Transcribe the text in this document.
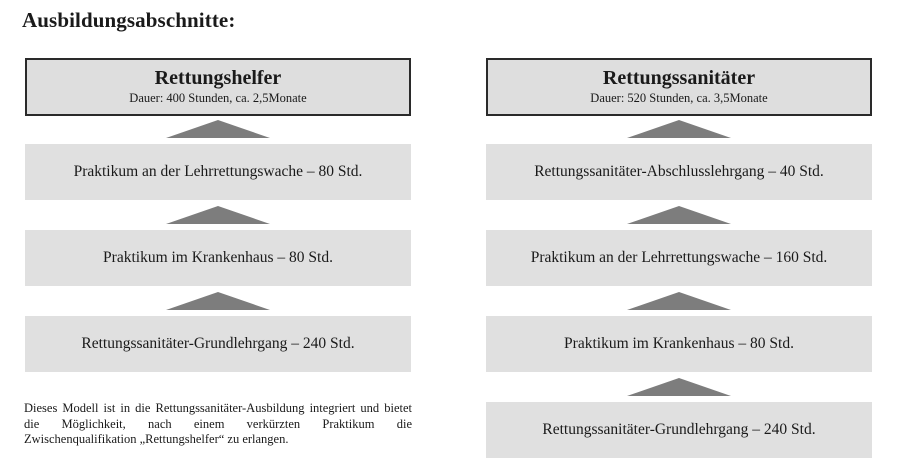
Ausbildungsabschnitte:
Rettungshelfer
Dauer: 400 Stunden, ca. 2,5Monate
Praktikum an der Lehrrettungswache – 80 Std.
Praktikum im Krankenhaus – 80 Std.
Rettungssanitäter-Grundlehrgang – 240 Std.
Dieses Modell ist in die Rettungssanitäter-Ausbildung integriert und bietet die Möglichkeit, nach einem verkürzten Praktikum die Zwischenqualifikation „Rettungshelfer“ zu erlangen.
Rettungssanitäter
Dauer: 520 Stunden, ca. 3,5Monate
Rettungssanitäter-Abschlusslehrgang – 40 Std.
Praktikum an der Lehrrettungswache – 160 Std.
Praktikum im Krankenhaus – 80 Std.
Rettungssanitäter-Grundlehrgang – 240 Std.
